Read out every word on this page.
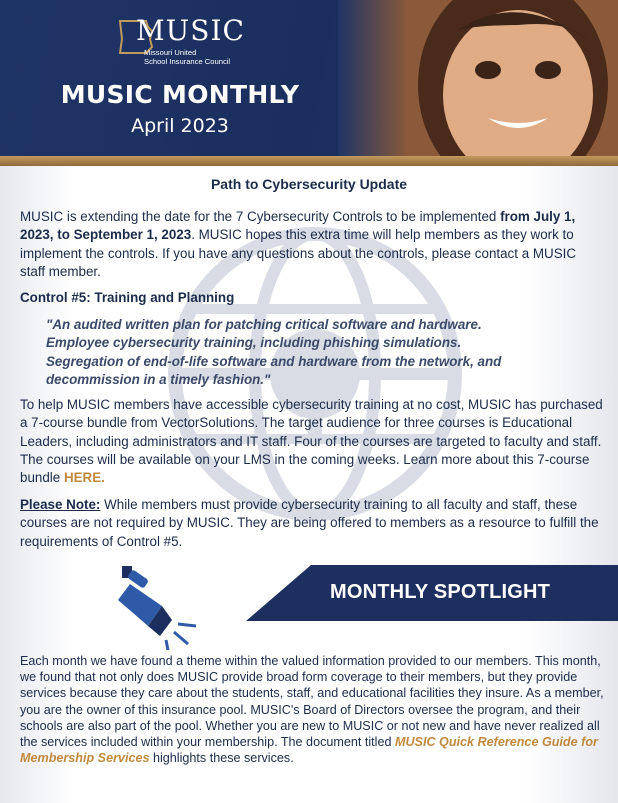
MUSIC
Missouri United
School Insurance Council
MUSIC MONTHLY
April 2023
Path to Cybersecurity Update
MUSIC is extending the date for the 7 Cybersecurity Controls to be implemented from July 1, 2023, to September 1, 2023. MUSIC hopes this extra time will help members as they work to implement the controls. If you have any questions about the controls, please contact a MUSIC staff member.
Control #5: Training and Planning
"An audited written plan for patching critical software and hardware.
Employee cybersecurity training, including phishing simulations.
Segregation of end-of-life software and hardware from the network, and
decommission in a timely fashion."
To help MUSIC members have accessible cybersecurity training at no cost, MUSIC has purchased a 7-course bundle from VectorSolutions. The target audience for three courses is Educational Leaders, including administrators and IT staff. Four of the courses are targeted to faculty and staff. The courses will be available on your LMS in the coming weeks. Learn more about this 7-course bundle HERE.
Please Note: While members must provide cybersecurity training to all faculty and staff, these courses are not required by MUSIC. They are being offered to members as a resource to fulfill the requirements of Control #5.
MONTHLY SPOTLIGHT
Each month we have found a theme within the valued information provided to our members. This month, we found that not only does MUSIC provide broad form coverage to their members, but they provide services because they care about the students, staff, and educational facilities they insure. As a member, you are the owner of this insurance pool. MUSIC's Board of Directors oversee the program, and their schools are also part of the pool. Whether you are new to MUSIC or not new and have never realized all the services included within your membership. The document titled MUSIC Quick Reference Guide for Membership Services highlights these services.
